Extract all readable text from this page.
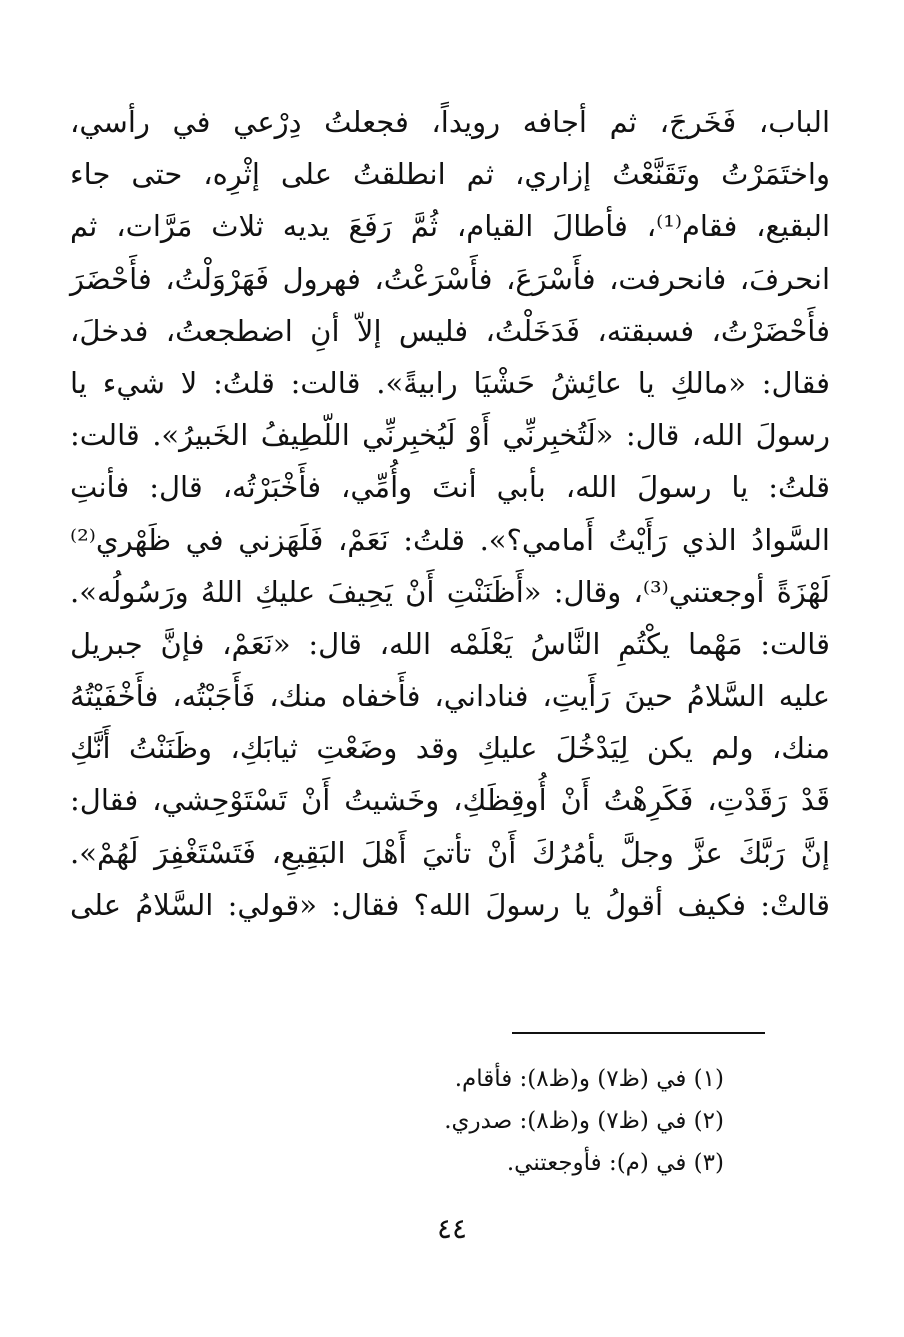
الباب، فَخَرجَ، ثم أجافه رويداً، فجعلتُ دِرْعي في رأسي،
واختَمَرْتُ وتَقَنَّعْتُ إزاري، ثم انطلقتُ على إثْرِه، حتى جاء
البقيع، فقام⁽¹⁾، فأطالَ القيام، ثُمَّ رَفَعَ يديه ثلاث مَرَّات، ثم
انحرفَ، فانحرفت، فأَسْرَعَ، فأَسْرَعْتُ، فهرول فَهَرْوَلْتُ، فأَحْضَرَ
فأَحْضَرْتُ، فسبقته، فَدَخَلْتُ، فليس إلاّ أنِ اضطجعتُ، فدخلَ،
فقال: «مالكِ يا عائِشُ حَشْيَا رابيةً». قالت: قلتُ: لا شيء يا
رسولَ الله، قال: «لَتُخبِرنِّي أَوْ لَيُخبِرنِّي اللّطِيفُ الخَبيرُ». قالت:
قلتُ: يا رسولَ الله، بأبي أنتَ وأُمِّي، فأَخْبَرْتُه، قال: فأنتِ
السَّوادُ الذي رَأَيْتُ أَمامي؟». قلتُ: نَعَمْ، فَلَهَزني في ظَهْري⁽²⁾
لَهْزَةً أوجعتني⁽³⁾، وقال: «أَظَنَنْتِ أَنْ يَحِيفَ عليكِ اللهُ ورَسُولُه».
قالت: مَهْما يكْتُمِ النَّاسُ يَعْلَمْه الله، قال: «نَعَمْ، فإنَّ جبريل
عليه السَّلامُ حينَ رَأَيتِ، فناداني، فأَخفاه منك، فَأَجَبْتُه، فأَخْفَيْتُهُ
منك، ولم يكن لِيَدْخُلَ عليكِ وقد وضَعْتِ ثيابَكِ، وظَنَنْتُ أَنَّكِ
قَدْ رَقَدْتِ، فَكَرِهْتُ أَنْ أُوقِظَكِ، وخَشيتُ أَنْ تَسْتَوْحِشي، فقال:
إنَّ رَبَّكَ عزَّ وجلَّ يأمُرُكَ أَنْ تأتيَ أَهْلَ البَقِيعِ، فَتَسْتَغْفِرَ لَهُمْ».
قالتْ: فكيف أقولُ يا رسولَ الله؟ فقال: «قولي: السَّلامُ على
(١) في (ظ٧) و(ظ٨): فأقام.
(٢) في (ظ٧) و(ظ٨): صدري.
(٣) في (م): فأوجعتني.
٤٤
